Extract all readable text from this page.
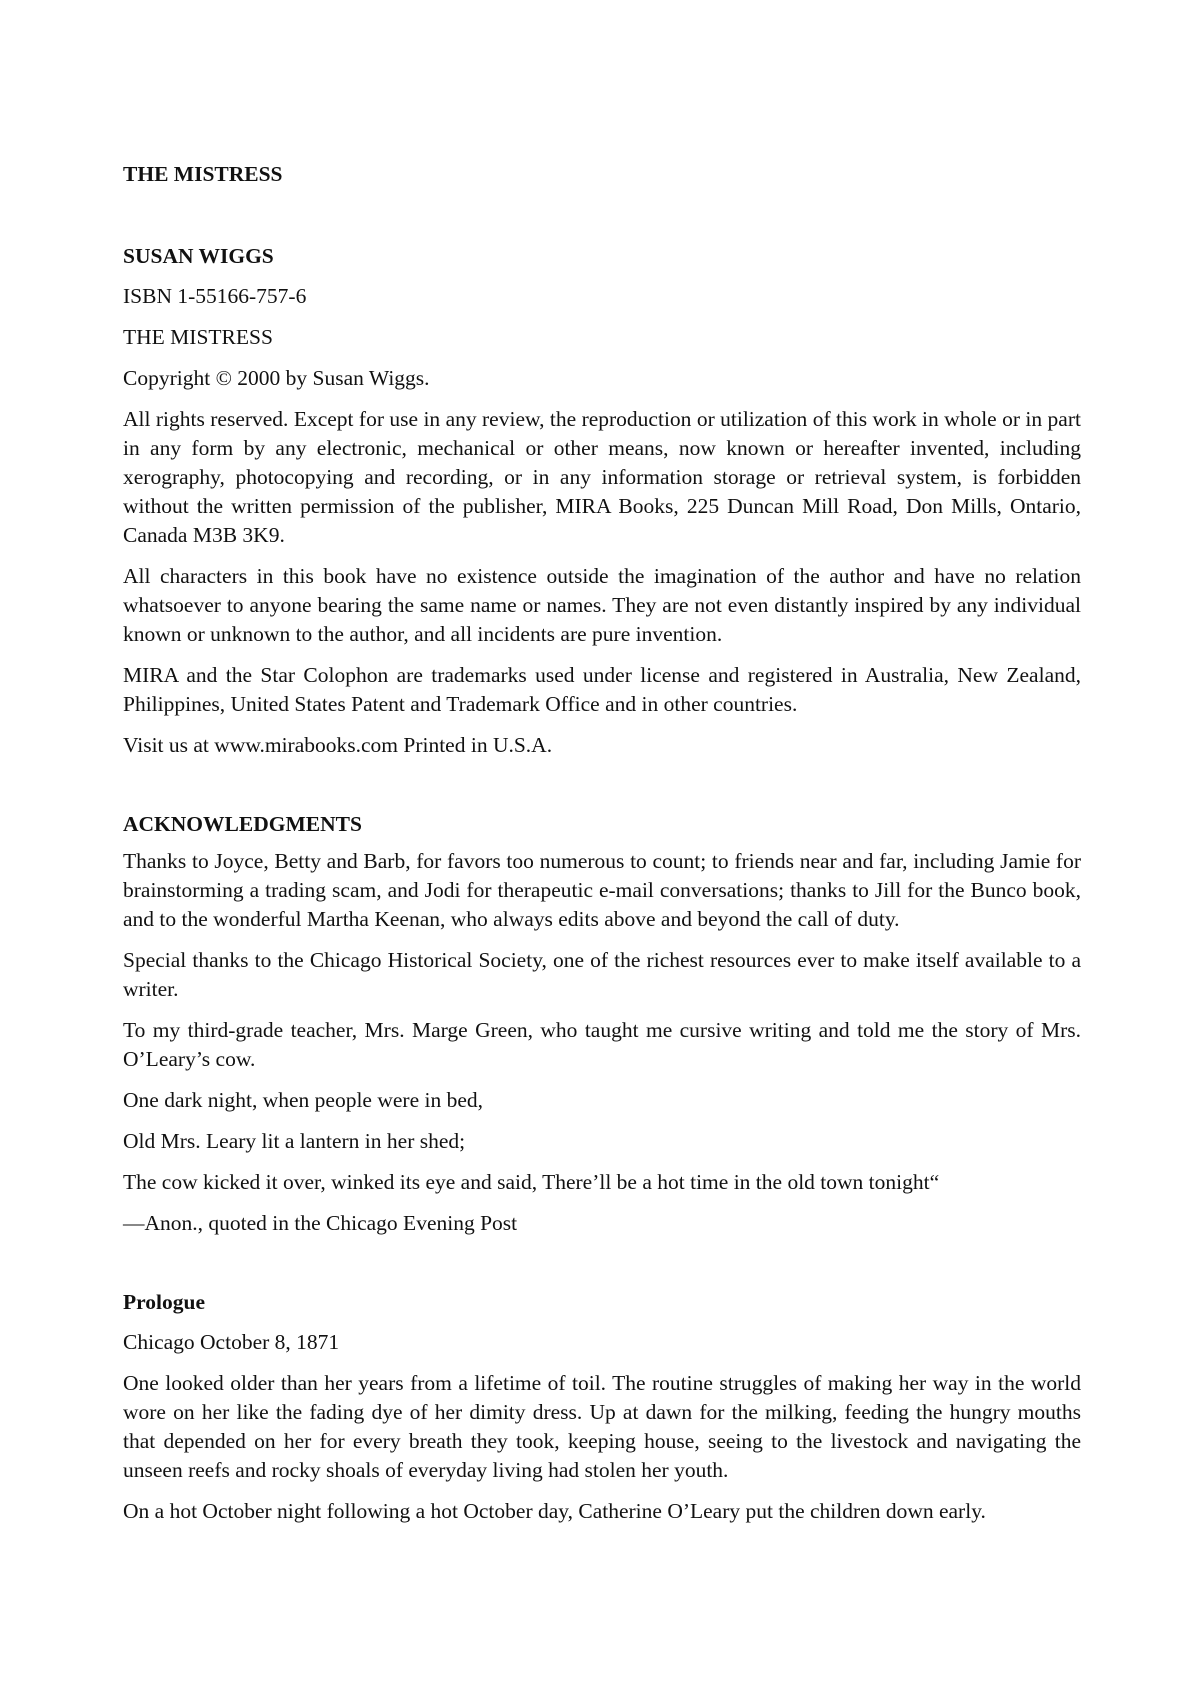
THE MISTRESS

SUSAN WIGGS

ISBN 1-55166-757-6

THE MISTRESS

Copyright © 2000 by Susan Wiggs.

All rights reserved. Except for use in any review, the reproduction or utilization of this work in whole or in part in any form by any electronic, mechanical or other means, now known or hereafter invented, including xerography, photocopying and recording, or in any information storage or retrieval system, is forbidden without the written permission of the publisher, MIRA Books, 225 Duncan Mill Road, Don Mills, Ontario, Canada M3B 3K9.

All characters in this book have no existence outside the imagination of the author and have no relation whatsoever to anyone bearing the same name or names. They are not even distantly inspired by any individual known or unknown to the author, and all incidents are pure invention.

MIRA and the Star Colophon are trademarks used under license and registered in Australia, New Zealand, Philippines, United States Patent and Trademark Office and in other countries.

Visit us at www.mirabooks.com Printed in U.S.A.

ACKNOWLEDGMENTS

Thanks to Joyce, Betty and Barb, for favors too numerous to count; to friends near and far, including Jamie for brainstorming a trading scam, and Jodi for therapeutic e-mail conversations; thanks to Jill for the Bunco book, and to the wonderful Martha Keenan, who always edits above and beyond the call of duty.

Special thanks to the Chicago Historical Society, one of the richest resources ever to make itself available to a writer.

To my third-grade teacher, Mrs. Marge Green, who taught me cursive writing and told me the story of Mrs. O’Leary’s cow.

One dark night, when people were in bed,

Old Mrs. Leary lit a lantern in her shed;

The cow kicked it over, winked its eye and said, There’ll be a hot time in the old town tonight“

—Anon., quoted in the Chicago Evening Post

Prologue

Chicago October 8, 1871

One looked older than her years from a lifetime of toil. The routine struggles of making her way in the world wore on her like the fading dye of her dimity dress. Up at dawn for the milking, feeding the hungry mouths that depended on her for every breath they took, keeping house, seeing to the livestock and navigating the unseen reefs and rocky shoals of everyday living had stolen her youth.

On a hot October night following a hot October day, Catherine O’Leary put the children down early.
